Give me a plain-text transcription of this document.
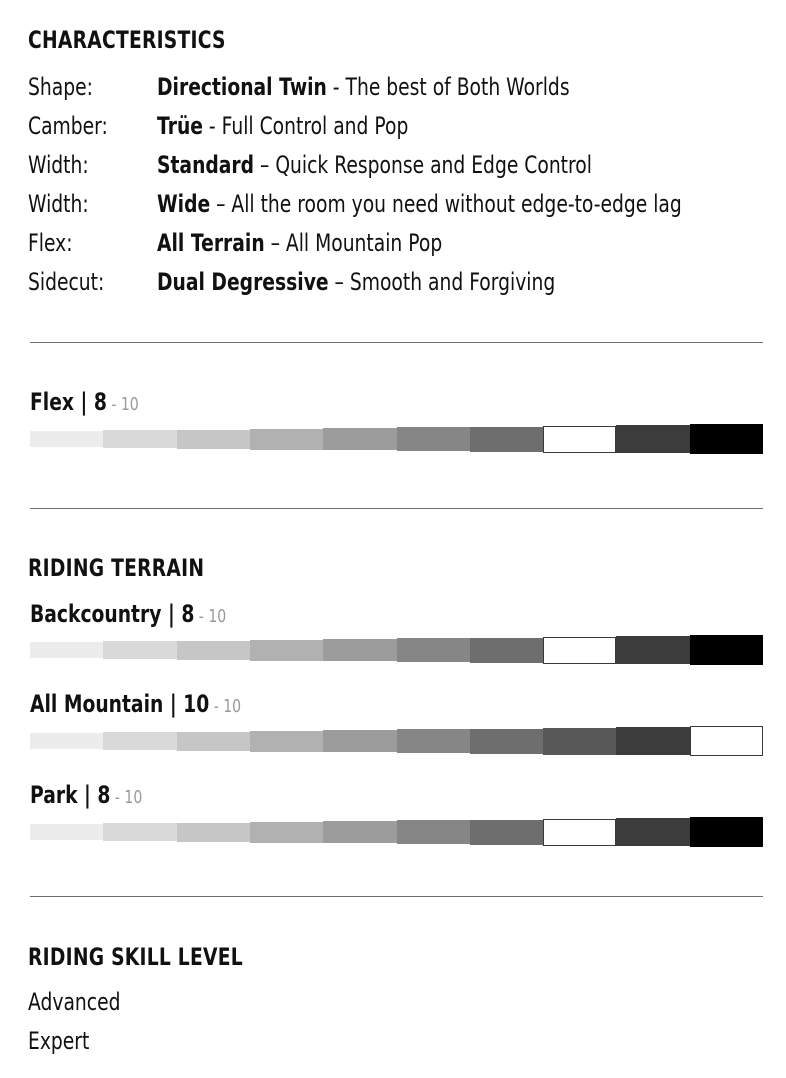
CHARACTERISTICS
Shape:	Directional Twin - The best of Both Worlds
Camber: Trüe - Full Control and Pop
Width:	Standard – Quick Response and Edge Control
Width:	Wide – All the room you need without edge-to-edge lag
Flex:	All Terrain – All Mountain Pop
Sidecut: Dual Degressive – Smooth and Forgiving
Flex | 8 - 10
RIDING TERRAIN
Backcountry | 8 - 10
All Mountain | 10 - 10
Park | 8 - 10
RIDING SKILL LEVEL
Advanced
Expert
